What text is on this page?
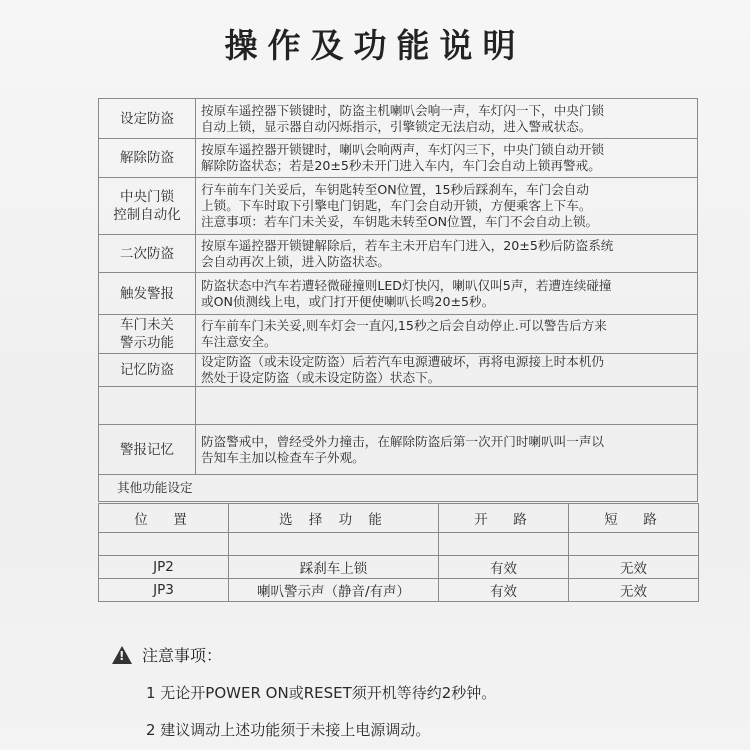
操作及功能说明
设定防盗	按原车遥控器下锁键时，防盗主机喇叭会响一声，车灯闪一下，中央门锁
自动上锁，显示器自动闪烁指示，引擎锁定无法启动，进入警戒状态。

解除防盗	按原车遥控器开锁键时，喇叭会响两声，车灯闪三下，中央门锁自动开锁
解除防盗状态；若是20±5秒未开门进入车内，车门会自动上锁再警戒。

中央门锁
控制自动化	行车前车门关妥后，车钥匙转至ON位置，15秒后踩刹车，车门会自动
上锁。下车时取下引擎电门钥匙，车门会自动开锁，方便乘客上下车。
注意事项：若车门未关妥，车钥匙未转至ON位置，车门不会自动上锁。

二次防盗	按原车遥控器开锁键解除后，若车主未开启车门进入，20±5秒后防盗系统
会自动再次上锁，进入防盗状态。

触发警报	防盗状态中汽车若遭轻微碰撞则LED灯快闪，喇叭仅叫5声，若遭连续碰撞
或ON侦测线上电，或门打开便使喇叭长鸣20±5秒。

车门未关
警示功能	行车前车门未关妥,则车灯会一直闪,15秒之后会自动停止.可以警告后方来
车注意安全。

记忆防盗	设定防盗（或未设定防盗）后若汽车电源遭破坏，再将电源接上时本机仍
然处于设定防盗（或未设定防盗）状态下。

警报记忆	防盗警戒中，曾经受外力撞击，在解除防盗后第一次开门时喇叭叫一声以
告知车主加以检查车子外观。

其他功能设定	
位　置	选 择 功 能	开　路	短　路

JP2	踩刹车上锁	有效	无效
JP3	喇叭警示声（静音/有声）	有效	无效
!
注意事项：
1 无论开POWER ON或RESET须开机等待约2秒钟。
2 建议调动上述功能须于未接上电源调动。
